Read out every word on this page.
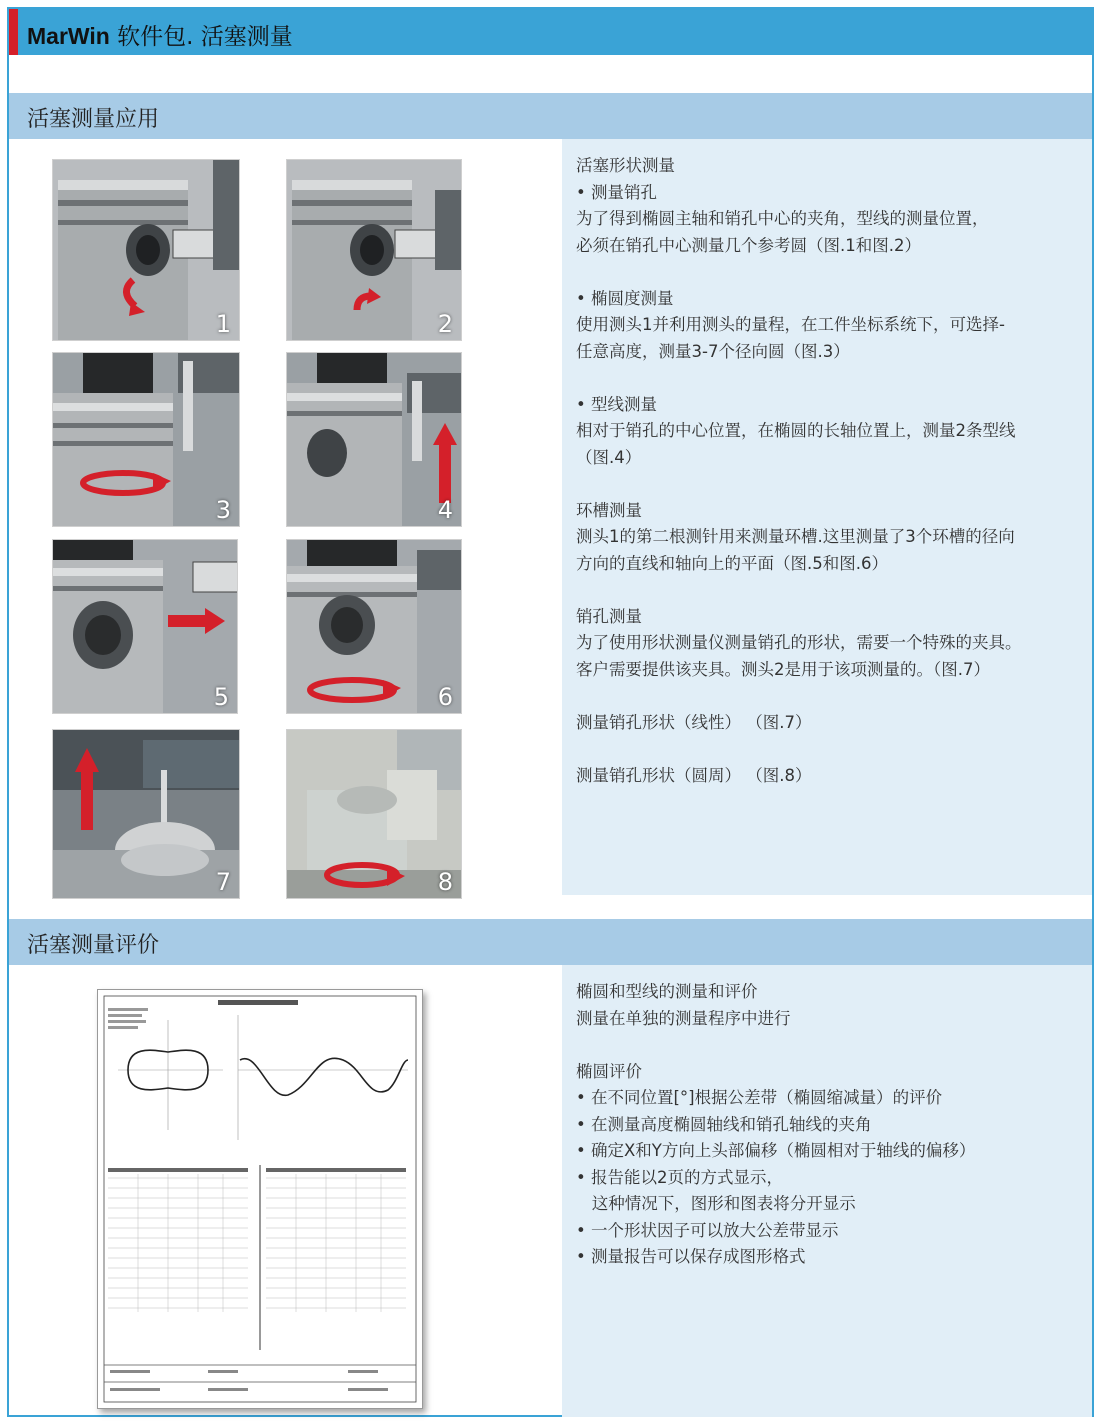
MarWin 软件包. 活塞测量
活塞测量应用
1	2
3	4
5	6
7	8
活塞形状测量
• 测量销孔
为了得到椭圆主轴和销孔中心的夹角，型线的测量位置，
必须在销孔中心测量几个参考圆（图.1和图.2）

• 椭圆度测量
使用测头1并利用测头的量程，在工件坐标系统下，可选择-
任意高度，测量3-7个径向圆（图.3）

• 型线测量
相对于销孔的中心位置，在椭圆的长轴位置上，测量2条型线
（图.4）

环槽测量
测头1的第二根测针用来测量环槽.这里测量了3个环槽的径向
方向的直线和轴向上的平面（图.5和图.6）

销孔测量
为了使用形状测量仪测量销孔的形状，需要一个特殊的夹具。
客户需要提供该夹具。测头2是用于该项测量的。（图.7）

测量销孔形状（线性） （图.7）

测量销孔形状（圆周） （图.8）
活塞测量评价
椭圆和型线的测量和评价
测量在单独的测量程序中进行

椭圆评价
• 在不同位置[°]根据公差带（椭圆缩减量）的评价
• 在测量高度椭圆轴线和销孔轴线的夹角
• 确定X和Y方向上头部偏移（椭圆相对于轴线的偏移）
• 报告能以2页的方式显示，
这种情况下，图形和图表将分开显示
• 一个形状因子可以放大公差带显示
• 测量报告可以保存成图形格式
